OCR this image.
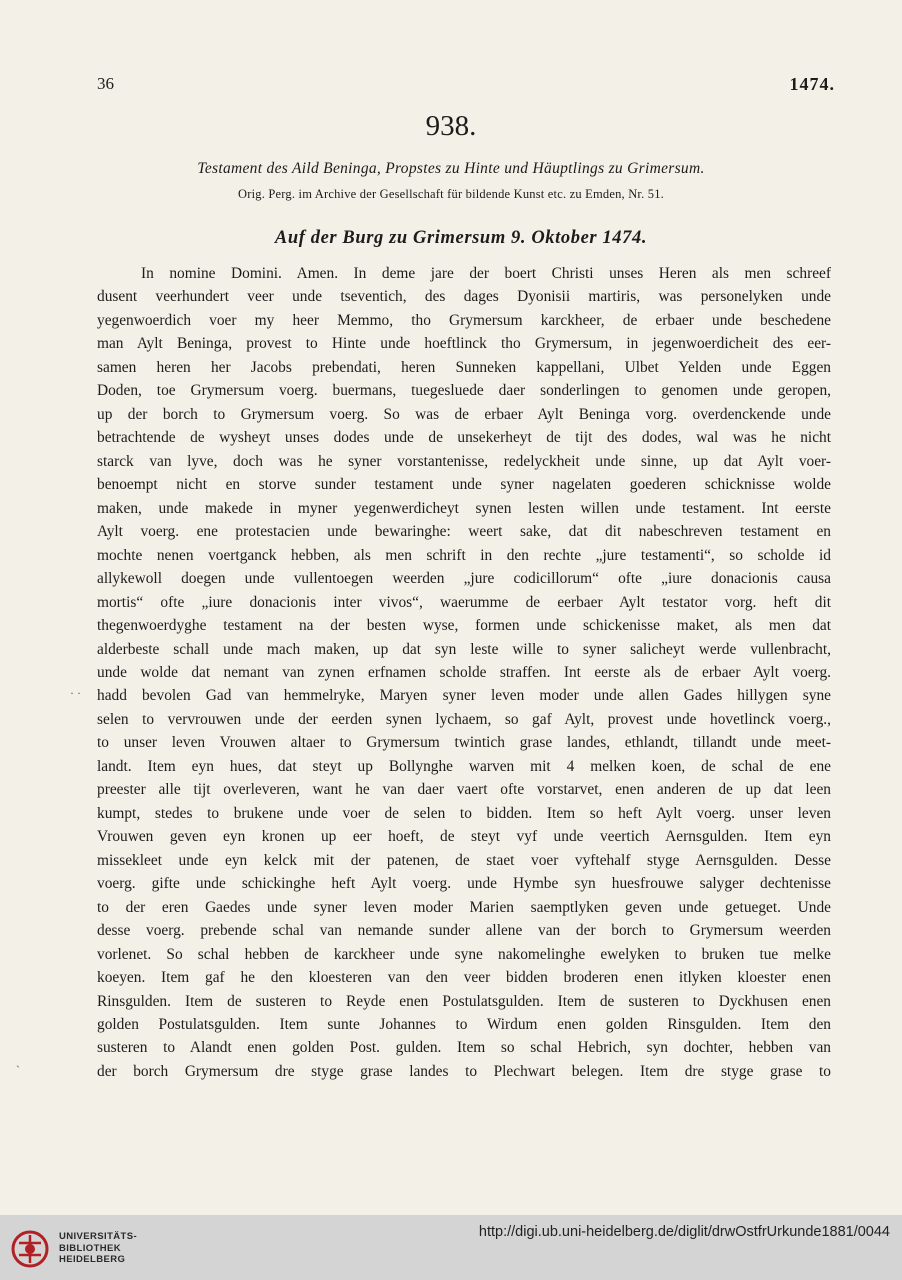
36	1474.
938.
Testament des Aild Beninga, Propstes zu Hinte und Häuptlings zu Grimersum.
Orig. Perg. im Archive der Gesellschaft für bildende Kunst etc. zu Emden, Nr. 51.
Auf der Burg zu Grimersum 9. Oktober 1474.
In nomine Domini. Amen. In deme jare der boert Christi unses Heren als men schreef
dusent veerhundert veer unde tseventich, des dages Dyonisii martiris, was personelyken unde
yegenwoerdich voer my heer Memmo, tho Grymersum karckheer, de erbaer unde beschedene
man Aylt Beninga, provest to Hinte unde hoeftlinck tho Grymersum, in jegenwoerdicheit des eer-
samen heren her Jacobs prebendati, heren Sunneken kappellani, Ulbet Yelden unde Eggen
Doden, toe Grymersum voerg. buermans, tuegesluede daer sonderlingen to genomen unde geropen,
up der borch to Grymersum voerg. So was de erbaer Aylt Beninga vorg. overdenckende unde
betrachtende de wysheyt unses dodes unde de unsekerheyt de tijt des dodes, wal was he nicht
starck van lyve, doch was he syner vorstantenisse, redelyckheit unde sinne, up dat Aylt voer-
benoempt nicht en storve sunder testament unde syner nagelaten goederen schicknisse wolde
maken, unde makede in myner yegenwerdicheyt synen lesten willen unde testament. Int eerste
Aylt voerg. ene protestacien unde bewaringhe: weert sake, dat dit nabeschreven testament en
mochte nenen voertganck hebben, als men schrift in den rechte „jure testamenti“, so scholde id
allykewoll doegen unde vullentoegen weerden „jure codicillorum“ ofte „iure donacionis causa
mortis“ ofte „iure donacionis inter vivos“, waerumme de eerbaer Aylt testator vorg. heft dit
thegenwoerdyghe testament na der besten wyse, formen unde schickenisse maket, als men dat
alderbeste schall unde mach maken, up dat syn leste wille to syner salicheyt werde vullenbracht,
unde wolde dat nemant van zynen erfnamen scholde straffen. Int eerste als de erbaer Aylt voerg.
hadd bevolen Gad van hemmelryke, Maryen syner leven moder unde allen Gades hillygen syne
selen to vervrouwen unde der eerden synen lychaem, so gaf Aylt, provest unde hovetlinck voerg.,
to unser leven Vrouwen altaer to Grymersum twintich grase landes, ethlandt, tillandt unde meet-
landt. Item eyn hues, dat steyt up Bollynghe warven mit 4 melken koen, de schal de ene
preester alle tijt overleveren, want he van daer vaert ofte vorstarvet, enen anderen de up dat leen
kumpt, stedes to brukene unde voer de selen to bidden. Item so heft Aylt voerg. unser leven
Vrouwen geven eyn kronen up eer hoeft, de steyt vyf unde veertich Aernsgulden. Item eyn
missekleet unde eyn kelck mit der patenen, de staet voer vyftehalf styge Aernsgulden. Desse
voerg. gifte unde schickinghe heft Aylt voerg. unde Hymbe syn huesfrouwe salyger dechtenisse
to der eren Gaedes unde syner leven moder Marien saemptlyken geven unde getueget. Unde
desse voerg. prebende schal van nemande sunder allene van der borch to Grymersum weerden
vorlenet. So schal hebben de karckheer unde syne nakomelinghe ewelyken to bruken tue melke
koeyen. Item gaf he den kloesteren van den veer bidden broderen enen itlyken kloester enen
Rinsgulden. Item de susteren to Reyde enen Postulatsgulden. Item de susteren to Dyckhusen enen
golden Postulatsgulden. Item sunte Johannes to Wirdum enen golden Rinsgulden. Item den
susteren to Alandt enen golden Post. gulden. Item so schal Hebrich, syn dochter, hebben van
der borch Grymersum dre styge grase landes to Plechwart belegen. Item dre styge grase to
· ·
ˋ
UNIVERSITÄTS-
BIBLIOTHEK
HEIDELBERG
http://digi.ub.uni-heidelberg.de/diglit/drwOstfrUrkunde1881/0044
